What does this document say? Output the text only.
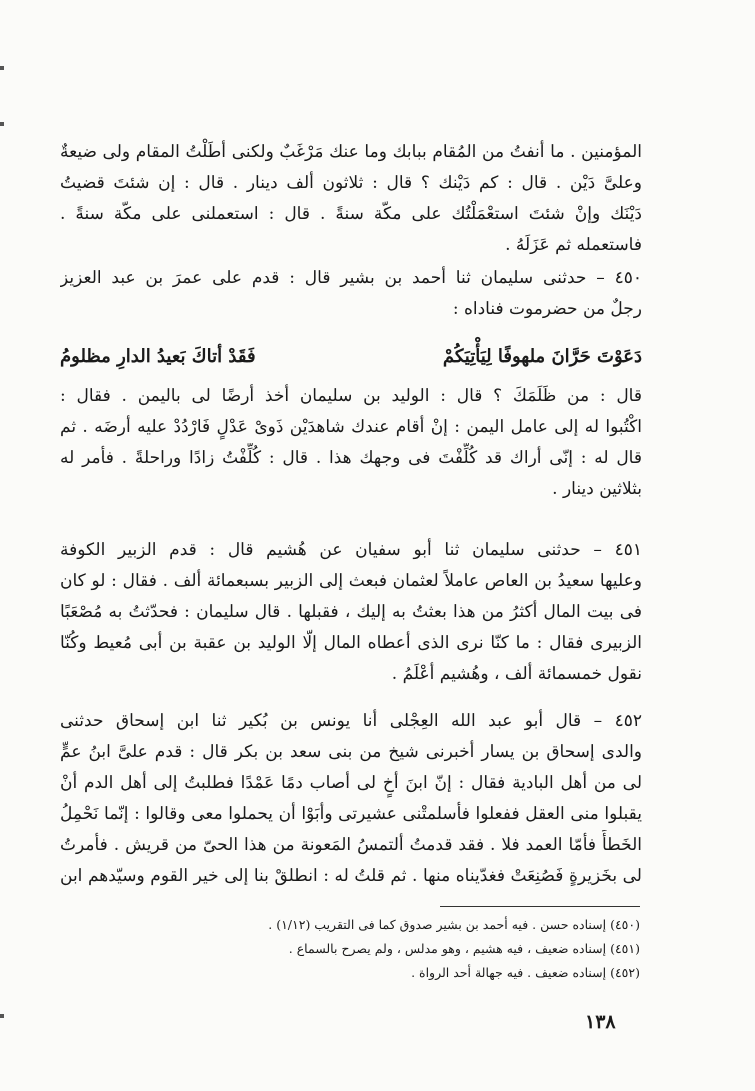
المؤمنين . ما أنفتُ من المُقام ببابك وما عنك مَرْغَبٌ ولكنى أطَلْتُ المقام ولى ضيعةٌ
وعلىَّ دَيْن . قال : كم دَيْنك ؟ قال : ثلاثون ألف دينار . قال : إن شئتَ قضيتُ
دَيْنَك وإنْ شئتَ استعْمَلْتُك على مكّة سنةً . قال : استعملنى على مكّة سنةً .
فاستعمله ثم عَزَلَهُ .
٤٥٠ – حدثنى سليمان ثنا أحمد بن بشير قال : قدم على عمرَ بن عبد العزيز
رجلٌ من حضرموت فناداه :
دَعَوْتَ حَرَّانَ ملهوفًا لِيَأْتِيَكُمْ
فَقَدْ أتاكَ بَعيدُ الدارِ مظلومُ
قال : من ظَلَمَكَ ؟ قال : الوليد بن سليمان أخذ أرضًا لى باليمن . فقال :
اكْتُبوا له إلى عامل اليمن : إنْ أقام عندك شاهدَيْن ذَوىْ عَدْلٍ فَارْدُدْ عليه أرضَه . ثم
قال له : إنّى أراك قد كُلِّفْتَ فى وجهك هذا . قال : كُلِّفْتُ زادًا وراحلةً . فأمر له
بثلاثين دينار .
٤٥١ – حدثنى سليمان ثنا أبو سفيان عن هُشيم قال : قدم الزبير الكوفة
وعليها سعيدُ بن العاص عاملاً لعثمان فبعث إلى الزبير بسبعمائة ألف . فقال : لو كان
فى بيت المال أكثرُ من هذا بعثتُ به إليك ، فقبلها . قال سليمان : فحدّثتُ به مُصْعَبًا
الزبيرى فقال : ما كنّا نرى الذى أعطاه المال إلّا الوليد بن عقبة بن أبى مُعيط وكُنّا
نقول خمسمائة ألف ، وهُشيم أعْلَمُ .
٤٥٢ – قال أبو عبد الله العِجْلى أنا يونس بن بُكير ثنا ابن إسحاق حدثنى
والدى إسحاق بن يسار أخبرنى شيخ من بنى سعد بن بكر قال : قدم علىَّ ابنُ عمٍّ
لى من أهل البادية فقال : إنّ ابنَ أخٍ لى أصاب دمًا عَمْدًا فطلبتُ إلى أهل الدم أنْ
يقبلوا منى العقل ففعلوا فأسلمتْنى عشيرتى وأبَوْا أن يحملوا معى وقالوا : إنّما نَحْمِلُ
الخَطأَ فأمّا العمد فلا . فقد قدمتُ ألتمسُ المَعونة من هذا الحىّ من قريش . فأمرتُ
لى بخَزيرةٍ فَصُنِعَتْ فغدّيناه منها . ثم قلتُ له : انطلقْ بنا إلى خير القوم وسيّدهم ابن
(٤٥٠) إسناده حسن . فيه أحمد بن بشير صدوق كما فى التقريب (١/١٢) .
(٤٥١) إسناده ضعيف ، فيه هشيم ، وهو مدلس ، ولم يصرح بالسماع .
(٤٥٢) إسناده ضعيف . فيه جهالة أحد الرواة .
١٣٨
